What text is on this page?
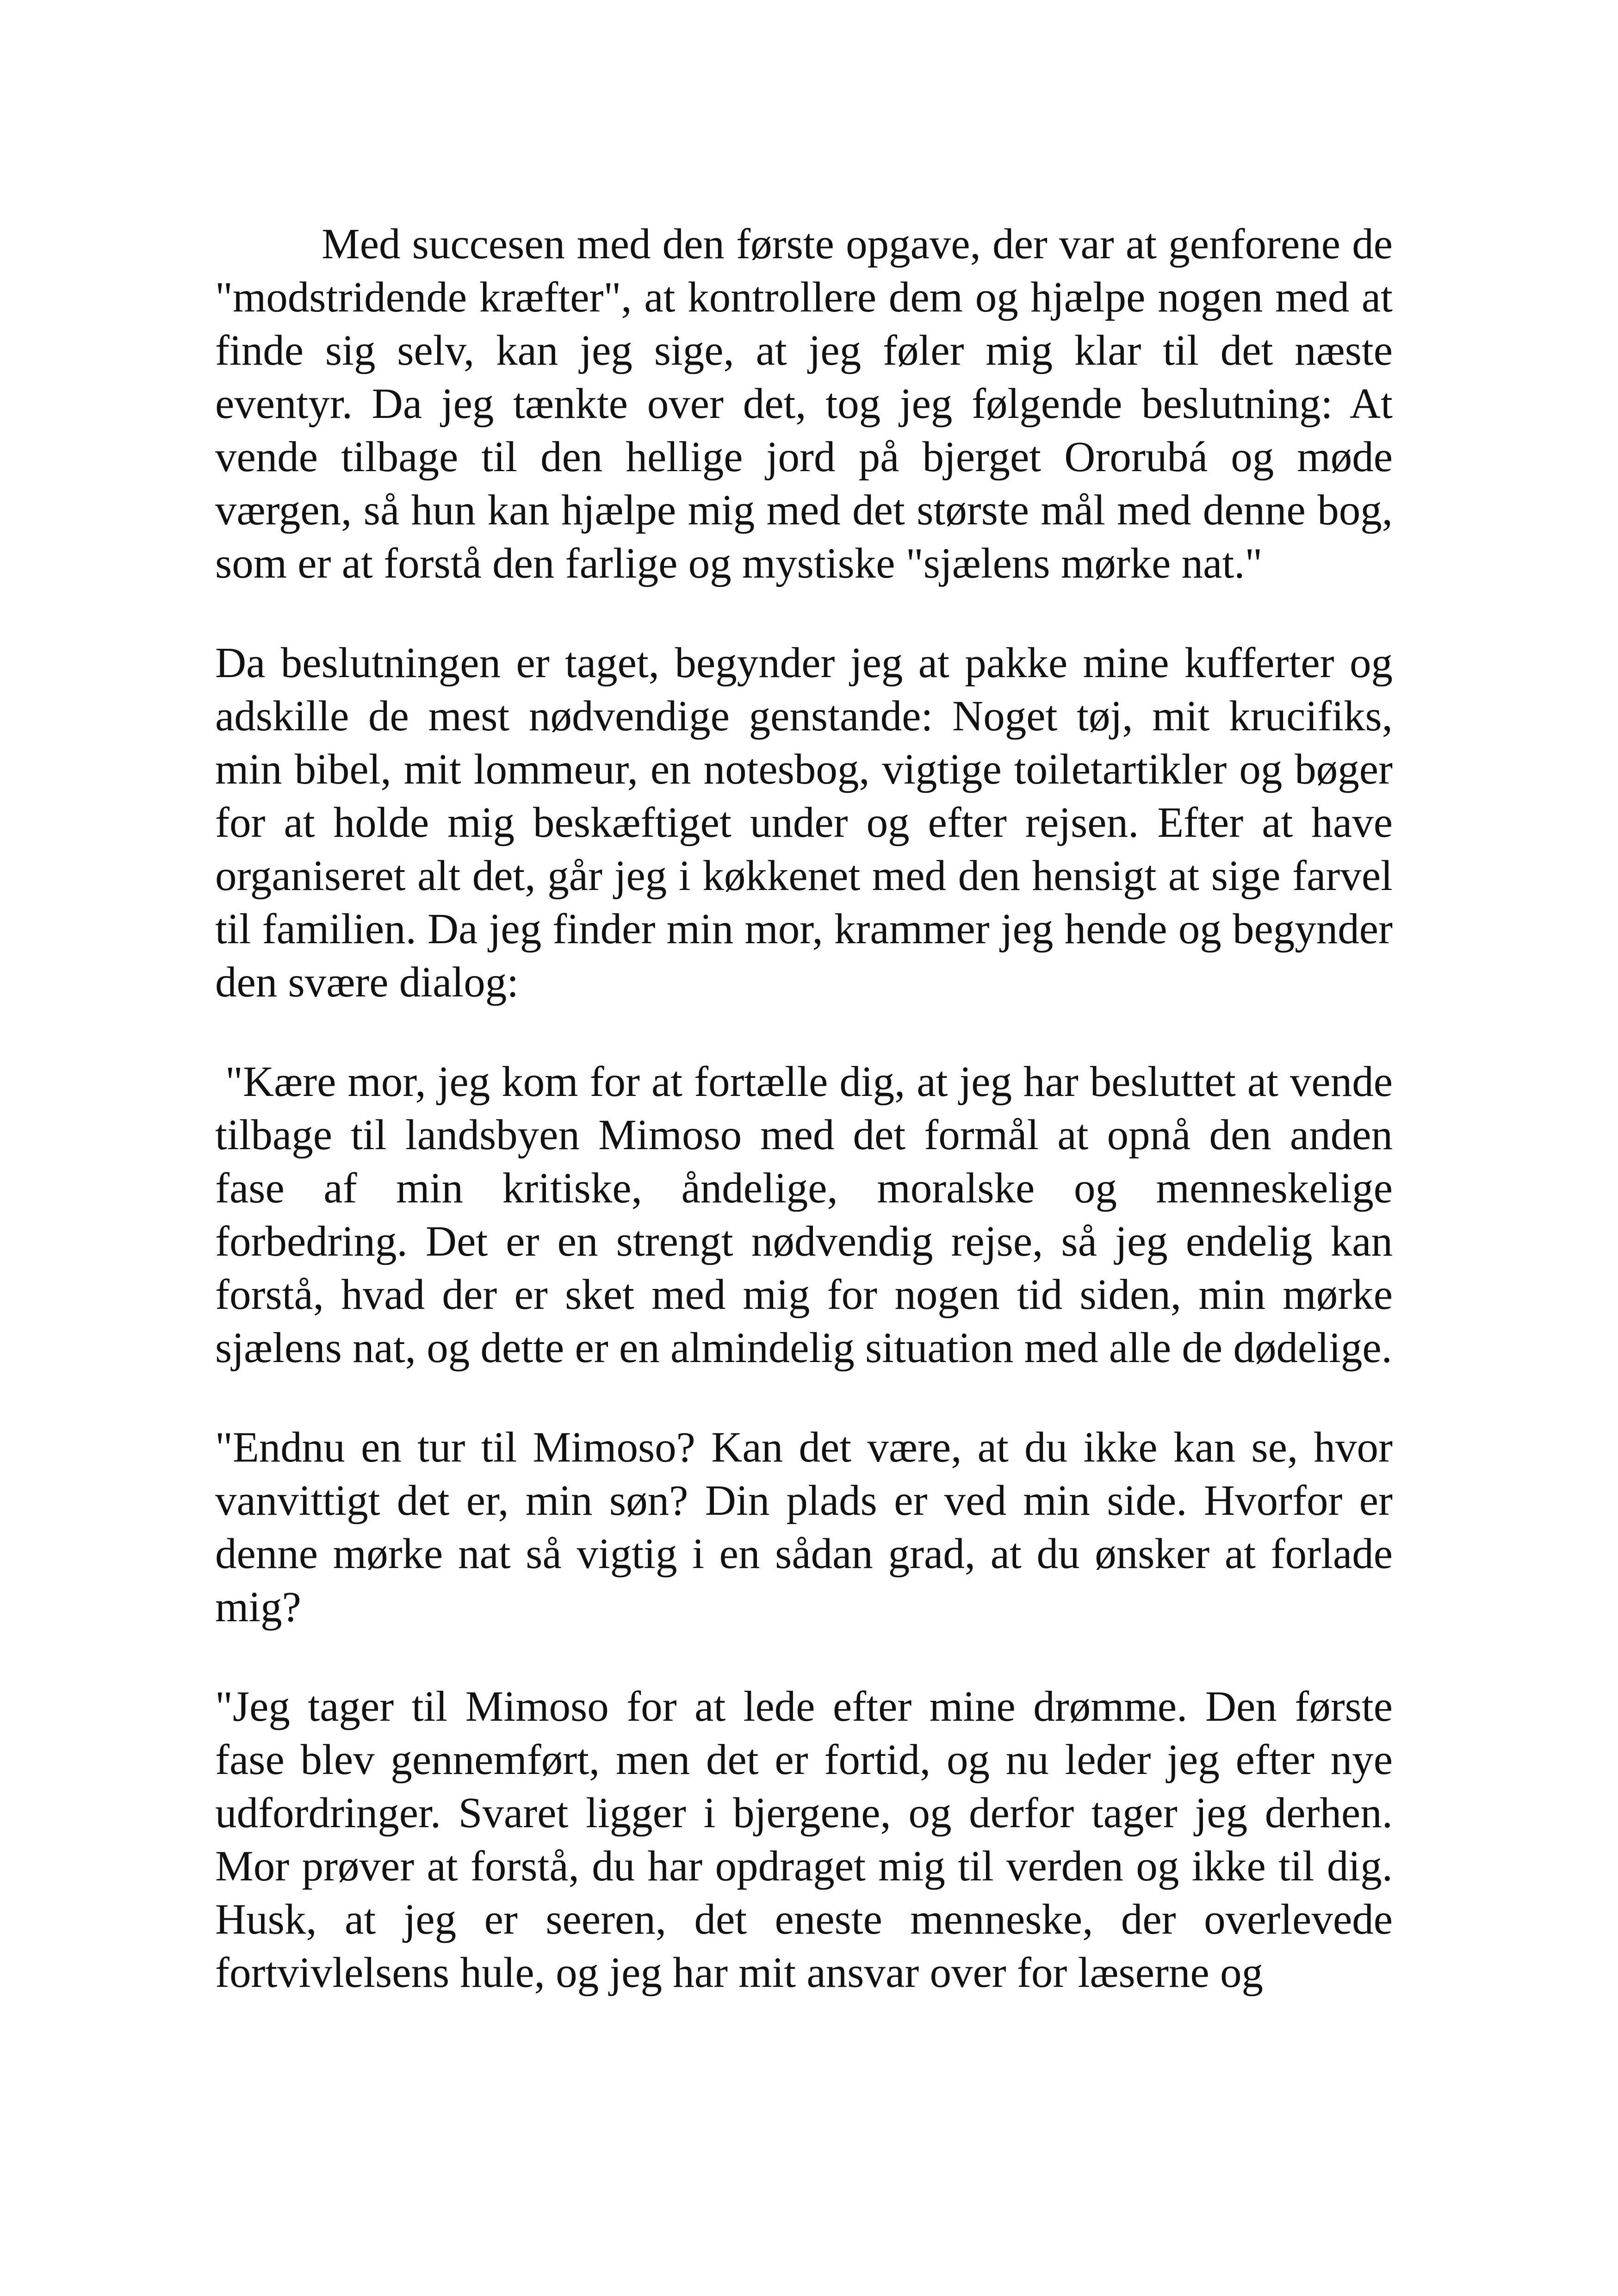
Med succesen med den første opgave, der var at genforene de "modstridende kræfter", at kontrollere dem og hjælpe nogen med at finde sig selv, kan jeg sige, at jeg føler mig klar til det næste eventyr. Da jeg tænkte over det, tog jeg følgende beslutning: At vende tilbage til den hellige jord på bjerget Ororubá og møde værgen, så hun kan hjælpe mig med det største mål med denne bog, som er at forstå den farlige og mystiske "sjælens mørke nat."

Da beslutningen er taget, begynder jeg at pakke mine kufferter og adskille de mest nødvendige genstande: Noget tøj, mit krucifiks, min bibel, mit lommeur, en notesbog, vigtige toiletartikler og bøger for at holde mig beskæftiget under og efter rejsen. Efter at have organiseret alt det, går jeg i køkkenet med den hensigt at sige farvel til familien. Da jeg finder min mor, krammer jeg hende og begynder den svære dialog:

"Kære mor, jeg kom for at fortælle dig, at jeg har besluttet at vende tilbage til landsbyen Mimoso med det formål at opnå den anden fase af min kritiske, åndelige, moralske og menneskelige forbedring. Det er en strengt nødvendig rejse, så jeg endelig kan forstå, hvad der er sket med mig for nogen tid siden, min mørke sjælens nat, og dette er en almindelig situation med alle de dødelige.

"Endnu en tur til Mimoso? Kan det være, at du ikke kan se, hvor vanvittigt det er, min søn? Din plads er ved min side. Hvorfor er denne mørke nat så vigtig i en sådan grad, at du ønsker at forlade mig?

"Jeg tager til Mimoso for at lede efter mine drømme. Den første fase blev gennemført, men det er fortid, og nu leder jeg efter nye udfordringer. Svaret ligger i bjergene, og derfor tager jeg derhen. Mor prøver at forstå, du har opdraget mig til verden og ikke til dig. Husk, at jeg er seeren, det eneste menneske, der overlevede fortvivlelsens hule, og jeg har mit ansvar over for læserne og
